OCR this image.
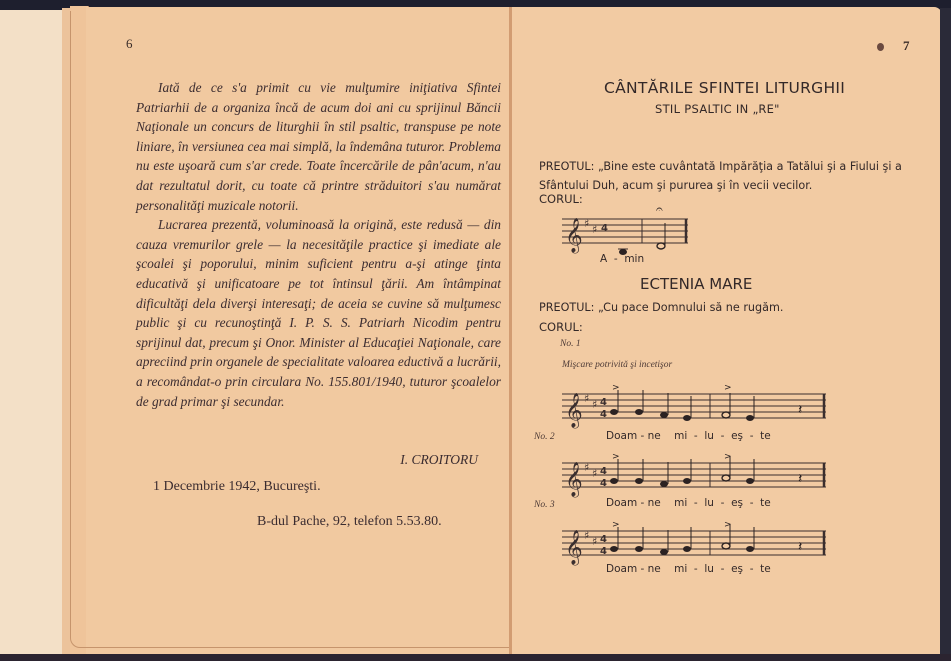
6

Iată de ce s'a primit cu vie mulţumire iniţiativa Sfintei Patriarhii de a organiza încă de acum doi ani cu sprijinul Băncii Naţionale un concurs de liturghii în stil psaltic, transpuse pe note liniare, în versiunea cea mai simplă, la îndemâna tuturor. Problema nu este uşoară cum s'ar crede. Toate încercările de pân'acum, n'au dat rezultatul dorit, cu toate că printre străduitori s'au numărat personalităţi muzicale notorii.

Lucrarea prezentă, voluminoasă la origină, este redusă — din cauza vremurilor grele — la necesităţile practice şi imediate ale şcoalei şi poporului, minim suficient pentru a-şi atinge ţinta educativă şi unificatoare pe tot întinsul ţării. Am întâmpinat dificultăţi dela diverşi interesaţi; de aceia se cuvine să mulţumesc public şi cu recunoştinţă I. P. S. S. Patriarh Nicodim pentru sprijinul dat, precum şi Onor. Minister al Educaţiei Naţionale, care apreciind prin organele de specialitate valoarea eductivă a lucrării, a recomândat-o prin circulara No. 155.801/1940, tuturor şcoalelor de grad primar şi secundar.

I. CROITORU
1 Decembrie 1942, Bucureşti.
B-dul Pache, 92, telefon 5.53.80.
7
CÂNTĂRILE SFINTEI LITURGHII
STIL PSALTIC IN „RE"
PREOTUL: „Bine este cuvântată Impărăţia a Tatălui şi a Fiului şi a Sfântului Duh, acum şi pururea şi în vecii vecilor.
CORUL:
𝄞 ♯ ♯ 4
𝄐
A  -  min
ECTENIA MARE
PREOTUL: „Cu pace Domnului să ne rugăm.
CORUL:
No. 1
Mişcare potrivită şi incetişor
𝄞 ♯ ♯ 4
4
>	>
𝄽
No. 2	Doam - ne    mi  -  lu  -  eş  -  te
𝄞 ♯ ♯ 4
4
>	>
𝄽
No. 3	Doam - ne    mi  -  lu  -  eş  -  te
𝄞 ♯ ♯ 4
4
>	>
𝄽
Doam - ne    mi  -  lu  -  eş  -  te
